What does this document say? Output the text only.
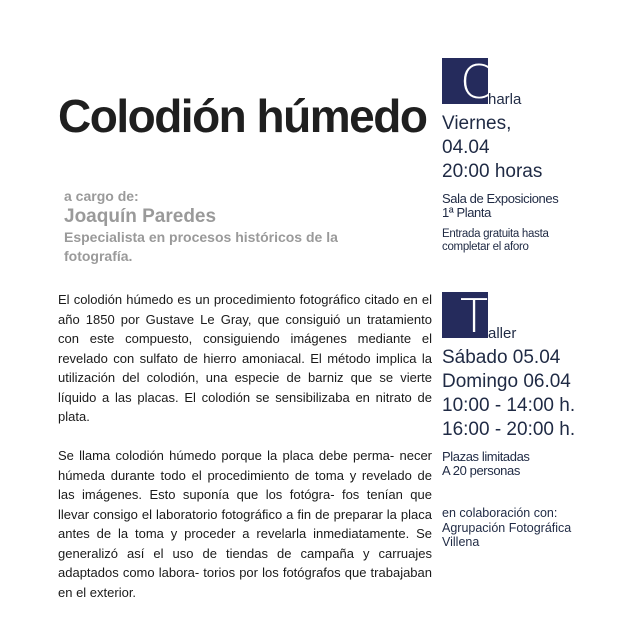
Colodión húmedo
a cargo de:
Joaquín Paredes
Especialista en procesos históricos de la fotografía.

El colodión húmedo es un procedimiento fotográfico citado en el año 1850 por Gustave Le Gray, que consiguió un tratamiento con este compuesto, consiguiendo imágenes mediante el revelado con sulfato de hierro amoniacal. El método implica la utilización del colodión, una especie de barniz que se vierte líquido a las placas. El colodión se sensibilizaba en nitrato de plata.

Se llama colodión húmedo porque la placa debe perma- necer húmeda durante todo el procedimiento de toma y revelado de las imágenes. Esto suponía que los fotógra- fos tenían que llevar consigo el laboratorio fotográfico a fin de preparar la placa antes de la toma y proceder a revelarla inmediatamente. Se generalizó así el uso de tiendas de campaña y carruajes adaptados como labora- torios por los fotógrafos que trabajaban en el exterior.

C
harla
Viernes,
04.04
20:00 horas
Sala de Exposiciones
1ª Planta
Entrada gratuita hasta
completar el aforo
T aller
Sábado 05.04
Domingo 06.04
10:00 - 14:00 h.
16:00 - 20:00 h.
Plazas limitadas
A 20 personas
en colaboración con:
Agrupación Fotográfica
Villena
